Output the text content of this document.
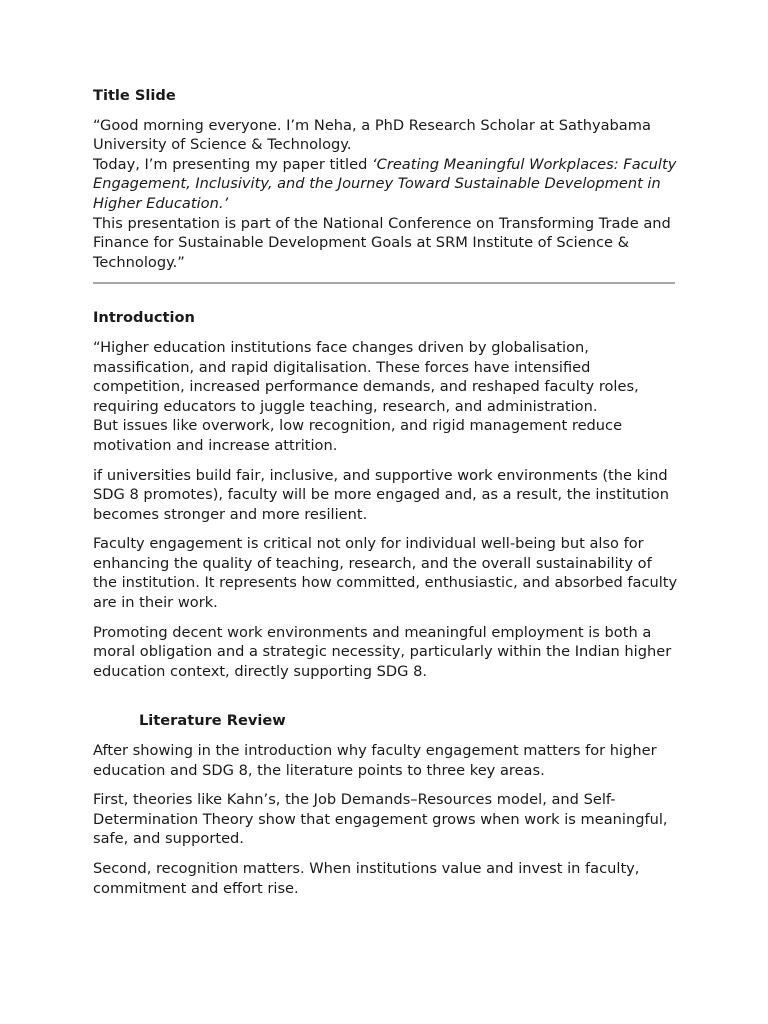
Title Slide

“Good morning everyone. I’m Neha, a PhD Research Scholar at Sathyabama University of Science & Technology.
Today, I’m presenting my paper titled ‘Creating Meaningful Workplaces: Faculty Engagement, Inclusivity, and the Journey Toward Sustainable Development in Higher Education.’
This presentation is part of the National Conference on Transforming Trade and Finance for Sustainable Development Goals at SRM Institute of Science & Technology.”

Introduction

“Higher education institutions face changes driven by globalisation, massification, and rapid digitalisation. These forces have intensified competition, increased performance demands, and reshaped faculty roles, requiring educators to juggle teaching, research, and administration.
But issues like overwork, low recognition, and rigid management reduce motivation and increase attrition.

if universities build fair, inclusive, and supportive work environments (the kind SDG 8 promotes), faculty will be more engaged and, as a result, the institution becomes stronger and more resilient.

Faculty engagement is critical not only for individual well-being but also for enhancing the quality of teaching, research, and the overall sustainability of the institution. It represents how committed, enthusiastic, and absorbed faculty are in their work.

Promoting decent work environments and meaningful employment is both a moral obligation and a strategic necessity, particularly within the Indian higher education context, directly supporting SDG 8.

Literature Review

After showing in the introduction why faculty engagement matters for higher education and SDG 8, the literature points to three key areas.

First, theories like Kahn’s, the Job Demands–Resources model, and Self-Determination Theory show that engagement grows when work is meaningful, safe, and supported.

Second, recognition matters. When institutions value and invest in faculty, commitment and effort rise.
